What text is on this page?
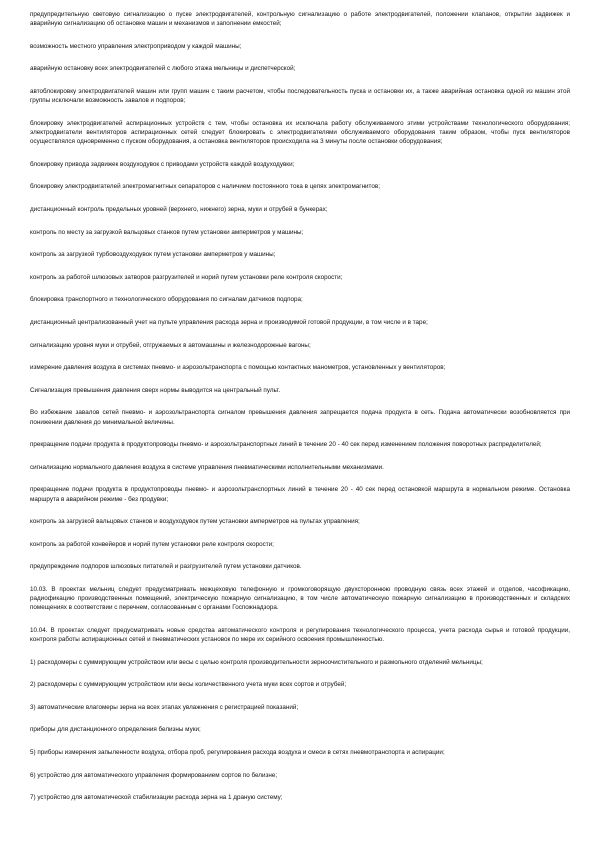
предупредительную световую сигнализацию о пуске электродвигателей, контрольную сигнализацию о работе электродвигателей, положении клапанов, открытии задвижек и аварийную сигнализацию об остановке машин и механизмов и заполнении емкостей;

возможность местного управления электроприводом у каждой машины;

аварийную остановку всех электродвигателей с любого этажа мельницы и диспетчерской;

автоблокировку электродвигателей машин или групп машин с таким расчетом, чтобы последовательность пуска и остановки их, а также аварийная остановка одной из машин этой группы исключали возможность завалов и подпоров;

блокировку электродвигателей аспирационных устройств с тем, чтобы остановка их исключала работу обслуживаемого этими устройствами технологического оборудования; электродвигатели вентиляторов аспирационных сетей следует блокировать с электродвигателями обслуживаемого оборудования таким образом, чтобы пуск вентиляторов осуществлялся одновременно с пуском оборудования, а остановка вентиляторов происходила на 3 минуты после остановки оборудования;

блокировку привода задвижек воздуходувок с приводами устройств каждой воздуходувки;

блокировку электродвигателей электромагнитных сепараторов с наличием постоянного тока в цепях электромагнитов;

дистанционный контроль предельных уровней (верхнего, нижнего) зерна, муки и отрубей в бункерах;

контроль по месту за загрузкой вальцовых станков путем установки амперметров у машины;

контроль за загрузкой турбовоздуходувок путем установки амперметров у машины;

контроль за работой шлюзовых затворов разгрузителей и норий путем установки реле контроля скорости;

блокировка транспортного и технологического оборудования по сигналам датчиков подпора;

дистанционный централизованный учет на пульте управления расхода зерна и производимой готовой продукции, в том числе и в таре;

сигнализацию уровня муки и отрубей, отгружаемых в автомашины и железнодорожные вагоны;

измерение давления воздуха в системах пневмо- и аэрозольтранспорта с помощью контактных манометров, установленных у вентиляторов;

Сигнализация превышения давления сверх нормы выводится на центральный пульт.

Во избежание завалов сетей пневмо- и аэрозольтранспорта сигналом превышения давления запрещается подача продукта в сеть. Подача автоматически возобновляется при понижении давления до минимальной величины.

прекращение подачи продукта в продуктопроводы пневмо- и аэрозольтранспортных линий в течение 20 - 40 сек перед изменением положения поворотных распределителей;

сигнализацию нормального давления воздуха в системе управления пневматическими исполнительными механизмами.

прекращение подачи продукта в продуктопроводы пневмо- и аэрозольтранспортных линий в течение 20 - 40 сек перед остановкой маршрута в нормальном режиме. Остановка маршрута в аварийном режиме - без продувки;

контроль за загрузкой вальцовых станков и воздуходувок путем установки амперметров на пультах управления;

контроль за работой конвейеров и норий путем установки реле контроля скорости;

предупреждение подпоров шлюзовых питателей и разгрузителей путем установки датчиков.

10.03. В проектах мельниц следует предусматривать межцеховую телефонную и громкоговорящую двухстороннюю проводную связь всех этажей и отделов, часофикацию, радиофикацию производственных помещений, электрическую пожарную сигнализацию, в том числе автоматическую пожарную сигнализацию в производственных и складских помещениях в соответствии с перечнем, согласованным с органами Госпожнадзора.

10.04. В проектах следует предусматривать новые средства автоматического контроля и регулирования технологического процесса, учета расхода сырья и готовой продукции, контроля работы аспирационных сетей и пневматических установок по мере их серийного освоения промышленностью.

1) расходомеры с суммирующим устройством или весы с целью контроля производительности зерноочистительного и размольного отделений мельницы;

2) расходомеры с суммирующим устройством или весы количественного учета муки всех сортов и отрубей;

3) автоматические влагомеры зерна на всех этапах увлажнения с регистрацией показаний;

приборы для дистанционного определения белизны муки;

5) приборы измерения запыленности воздуха, отбора проб, регулирования расхода воздуха и смеси в сетях пневмотранспорта и аспирации;

6) устройство для автоматического управления формированием сортов по белизне;

7) устройство для автоматической стабилизации расхода зерна на 1 драную систему;
